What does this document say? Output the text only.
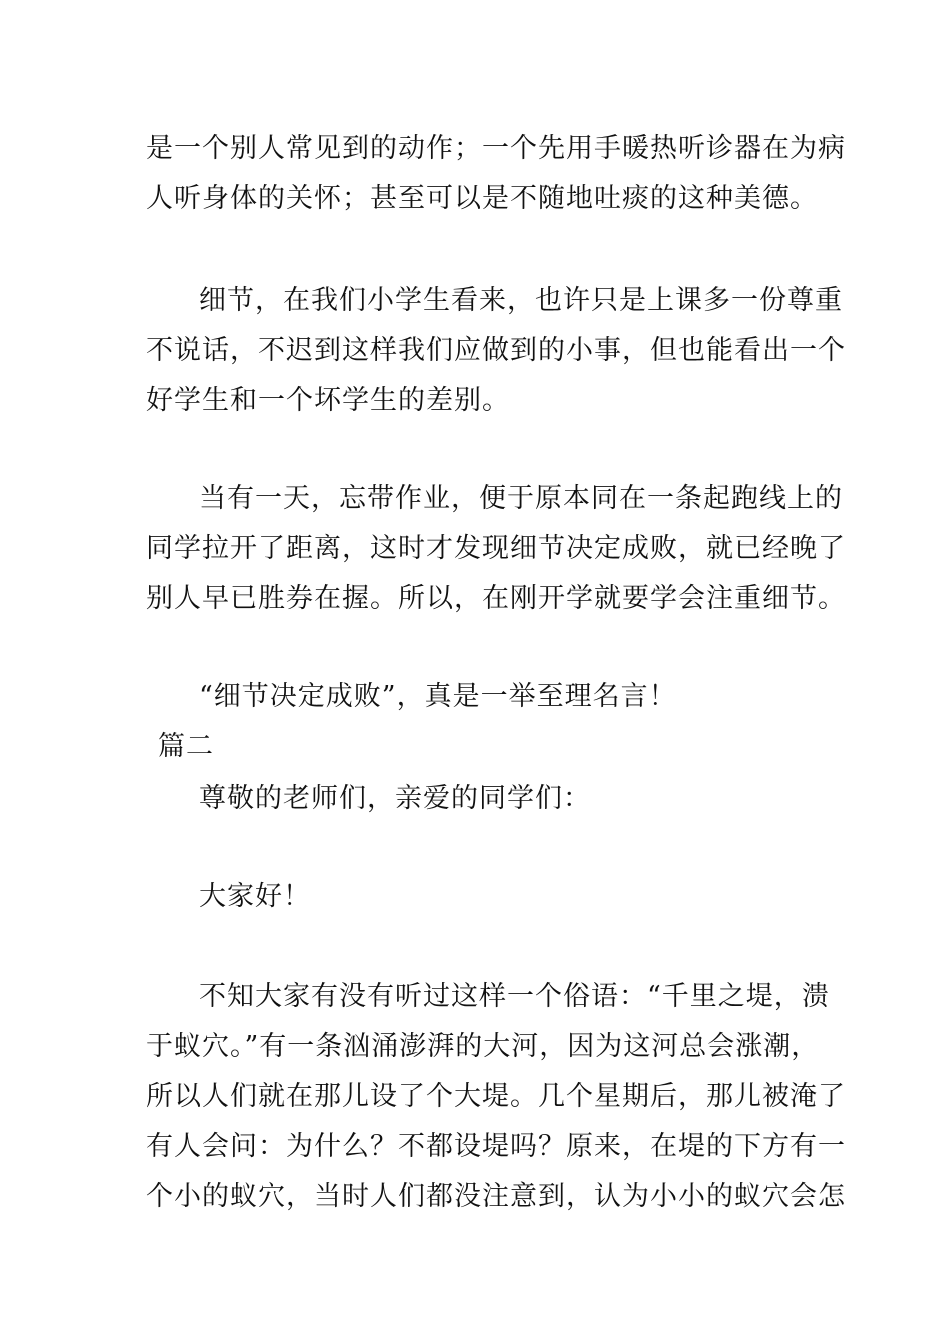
是一个别人常见到的动作；一个先用手暖热听诊器在为病
人听身体的关怀；甚至可以是不随地吐痰的这种美德。
细节，在我们小学生看来，也许只是上课多一份尊重
不说话，不迟到这样我们应做到的小事，但也能看出一个
好学生和一个坏学生的差别。
当有一天，忘带作业，便于原本同在一条起跑线上的
同学拉开了距离，这时才发现细节决定成败，就已经晚了
别人早已胜券在握。所以，在刚开学就要学会注重细节。
“细节决定成败”，真是一举至理名言！
篇二
尊敬的老师们，亲爱的同学们：
大家好！
不知大家有没有听过这样一个俗语：“千里之堤，溃
于蚁穴。”有一条汹涌澎湃的大河，因为这河总会涨潮，
所以人们就在那儿设了个大堤。几个星期后，那儿被淹了
有人会问：为什么？不都设堤吗？原来，在堤的下方有一
个小的蚁穴，当时人们都没注意到，认为小小的蚁穴会怎
